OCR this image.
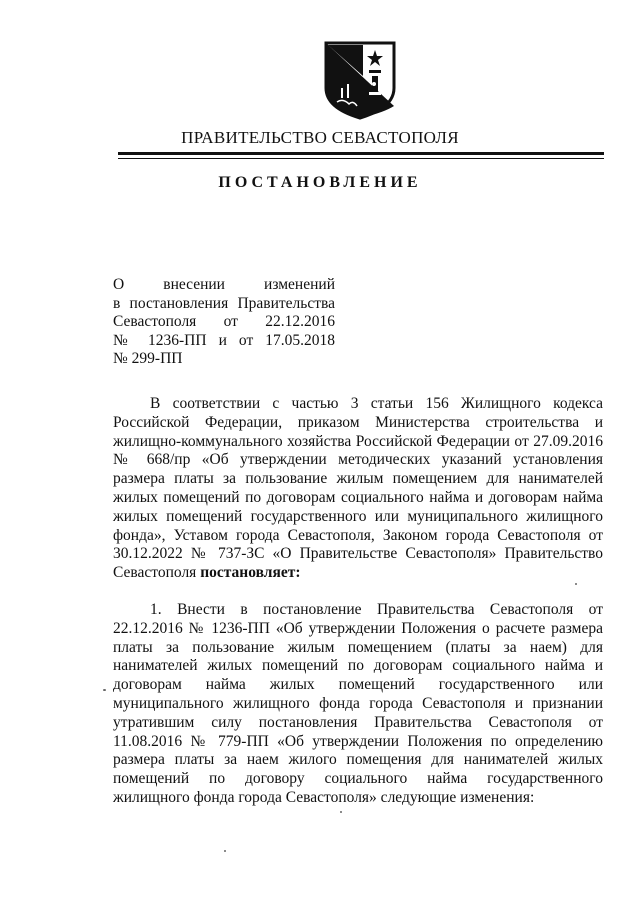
ПРАВИТЕЛЬСТВО СЕВАСТОПОЛЯ
ПОСТАНОВЛЕНИЕ
О внесении изменений
в постановления Правительства
Севастополя от 22.12.2016
№ 1236-ПП и от 17.05.2018
№ 299-ПП
В соответствии с частью 3 статьи 156 Жилищного кодекса Российской Федерации, приказом Министерства строительства и жилищно-коммунального хозяйства Российской Федерации от 27.09.2016 № 668/пр «Об утверждении методических указаний установления размера платы за пользование жилым помещением для нанимателей жилых помещений по договорам социального найма и договорам найма жилых помещений государственного или муниципального жилищного фонда», Уставом города Севастополя, Законом города Севастополя от 30.12.2022 № 737-ЗС «О Правительстве Севастополя» Правительство Севастополя постановляет:
1. Внести в постановление Правительства Севастополя от 22.12.2016 № 1236-ПП «Об утверждении Положения о расчете размера платы за пользование жилым помещением (платы за наем) для нанимателей жилых помещений по договорам социального найма и договорам найма жилых помещений государственного или муниципального жилищного фонда города Севастополя и признании утратившим силу постановления Правительства Севастополя от 11.08.2016 № 779-ПП «Об утверждении Положения по определению размера платы за наем жилого помещения для нанимателей жилых помещений по договору социального найма государственного жилищного фонда города Севастополя» следующие изменения:
